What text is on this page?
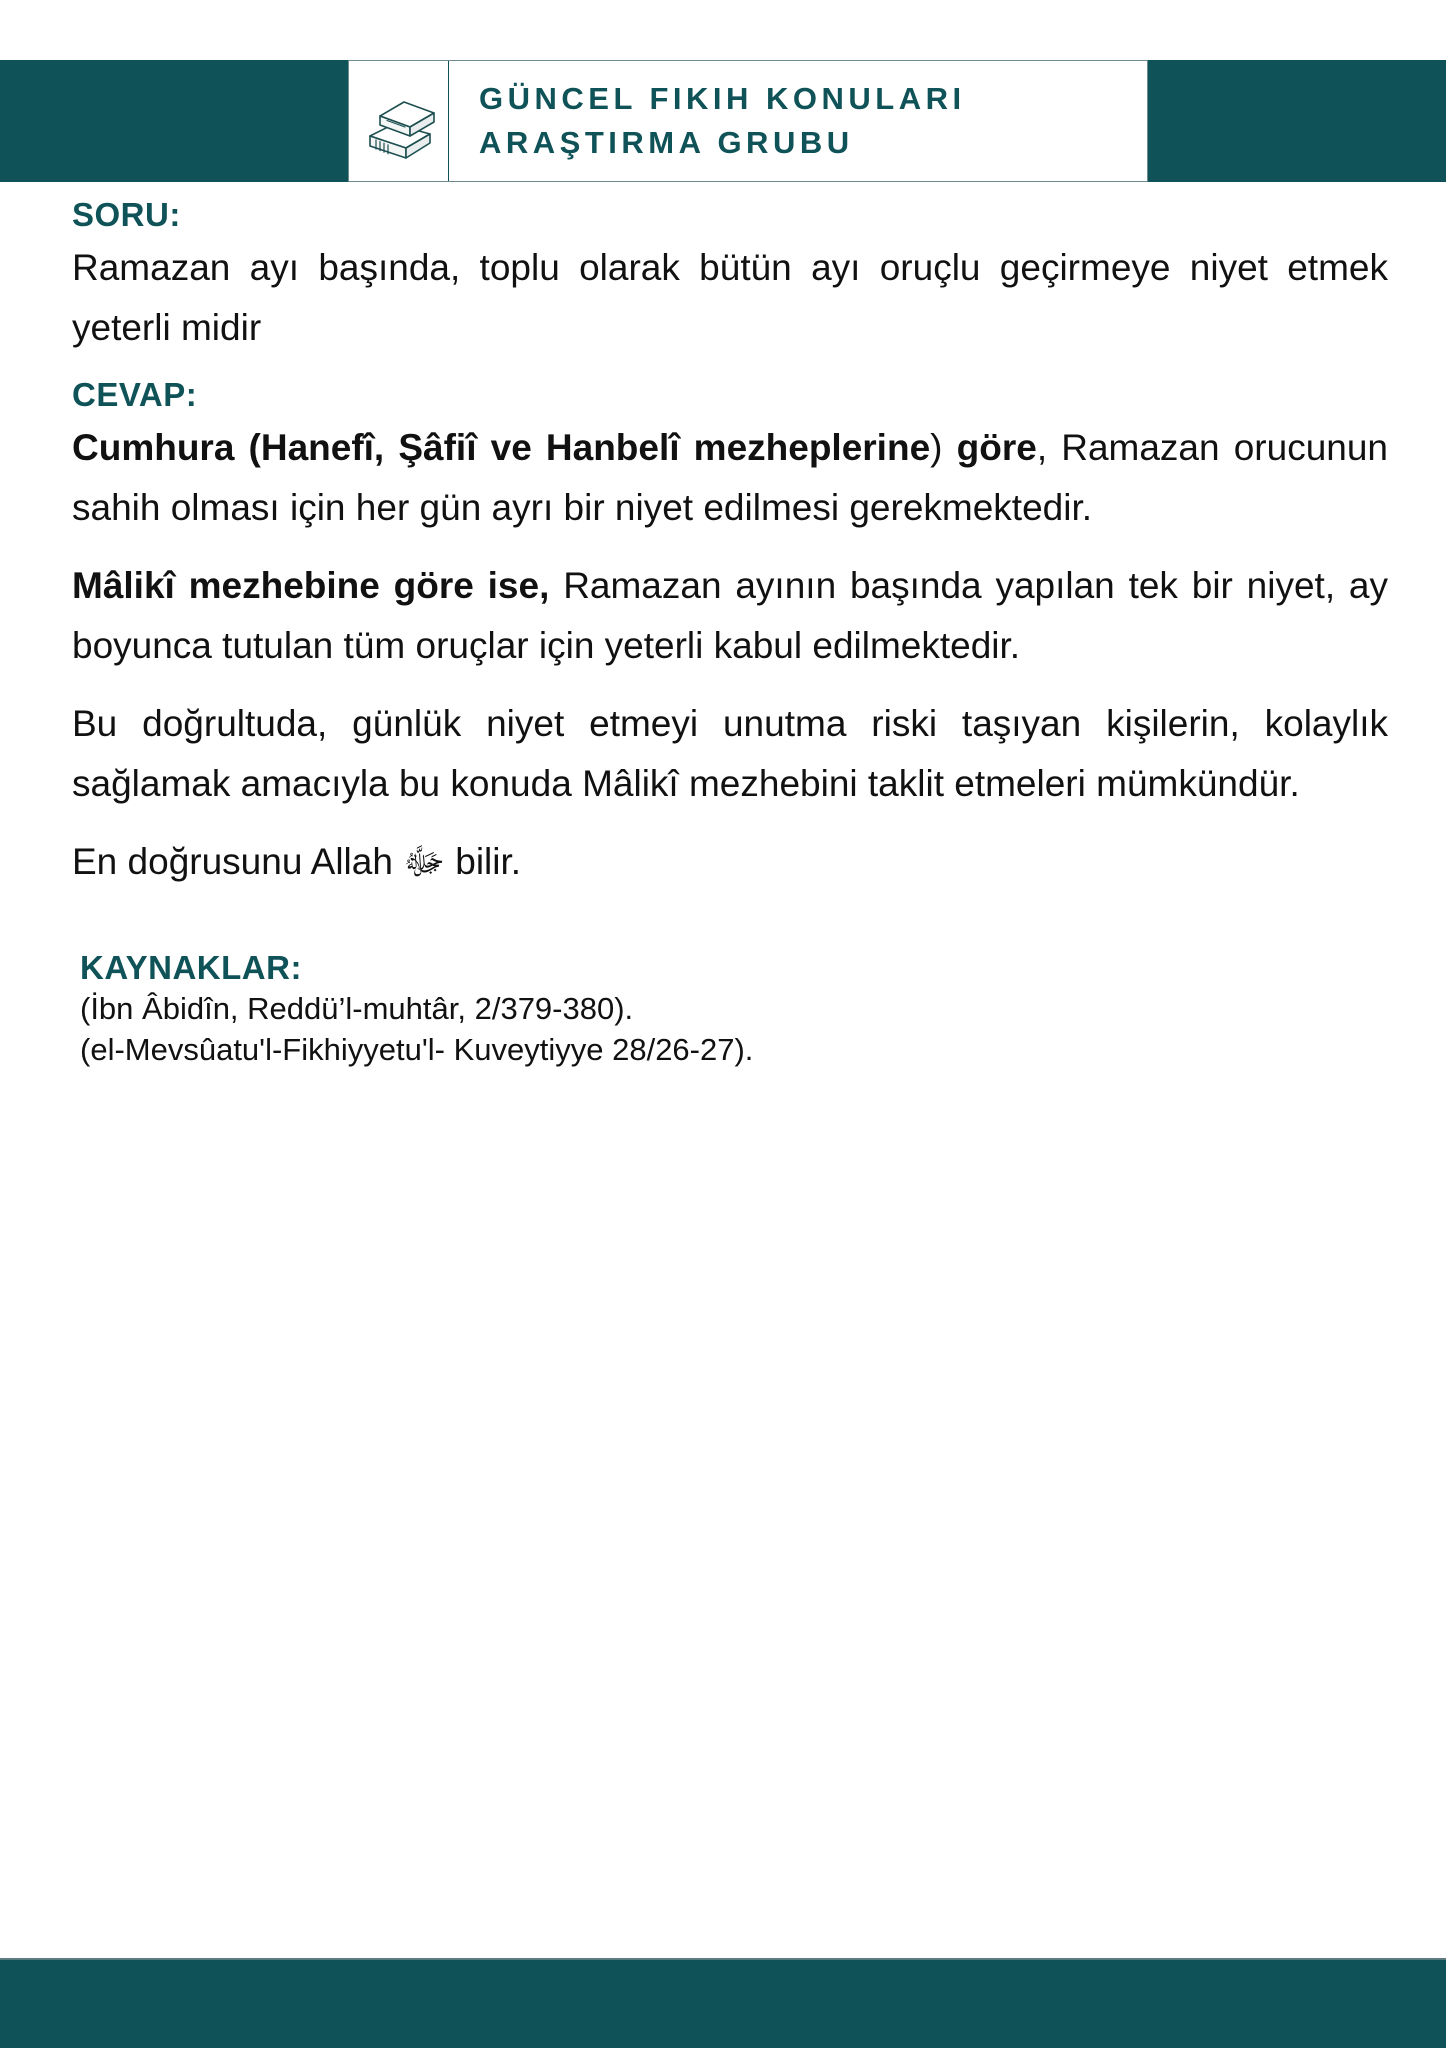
GÜNCEL FIKIH KONULARI
ARAŞTIRMA GRUBU
SORU:

Ramazan ayı başında, toplu olarak bütün ayı oruçlu geçirmeye niyet etmek yeterli midir

CEVAP:

Cumhura (Hanefî, Şâfiî ve Hanbelî mezheplerine) göre, Ramazan orucunun sahih olması için her gün ayrı bir niyet edilmesi gerekmektedir.

Mâlikî mezhebine göre ise, Ramazan ayının başında yapılan tek bir niyet, ay boyunca tutulan tüm oruçlar için yeterli kabul edilmektedir.

Bu doğrultuda, günlük niyet etmeyi unutma riski taşıyan kişilerin, kolaylık sağlamak amacıyla bu konuda Mâlikî mezhebini taklit etmeleri mümkündür.

En doğrusunu Allah ﷻ bilir.

KAYNAKLAR:
(İbn Âbidîn, Reddü’l-muhtâr, 2/379-380).
(el-Mevsûatu'l-Fikhiyyetu'l- Kuveytiyye 28/26-27).
